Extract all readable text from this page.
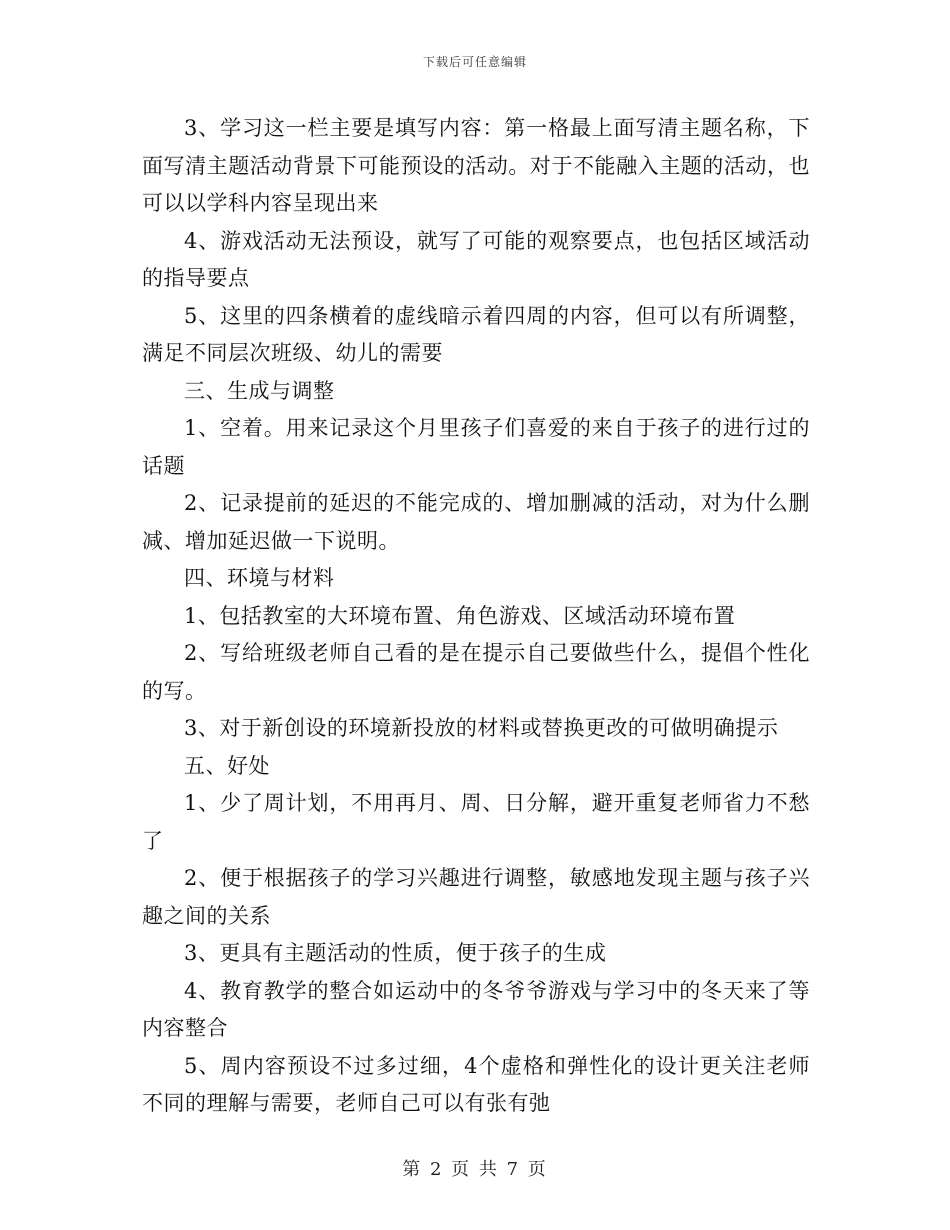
下载后可任意编辑

3、学习这一栏主要是填写内容：第一格最上面写清主题名称，下面写清主题活动背景下可能预设的活动。对于不能融入主题的活动，也可以以学科内容呈现出来

4、游戏活动无法预设，就写了可能的观察要点，也包括区域活动的指导要点

5、这里的四条横着的虚线暗示着四周的内容，但可以有所调整，满足不同层次班级、幼儿的需要

三、生成与调整

1、空着。用来记录这个月里孩子们喜爱的来自于孩子的进行过的话题

2、记录提前的延迟的不能完成的、增加删减的活动，对为什么删减、增加延迟做一下说明。

四、环境与材料

1、包括教室的大环境布置、角色游戏、区域活动环境布置

2、写给班级老师自己看的是在提示自己要做些什么，提倡个性化的写。

3、对于新创设的环境新投放的材料或替换更改的可做明确提示

五、好处

1、少了周计划，不用再月、周、日分解，避开重复老师省力不愁了

2、便于根据孩子的学习兴趣进行调整，敏感地发现主题与孩子兴趣之间的关系

3、更具有主题活动的性质，便于孩子的生成

4、教育教学的整合如运动中的冬爷爷游戏与学习中的冬天来了等内容整合

5、周内容预设不过多过细，4个虚格和弹性化的设计更关注老师不同的理解与需要，老师自己可以有张有弛

第 2 页 共 7 页
